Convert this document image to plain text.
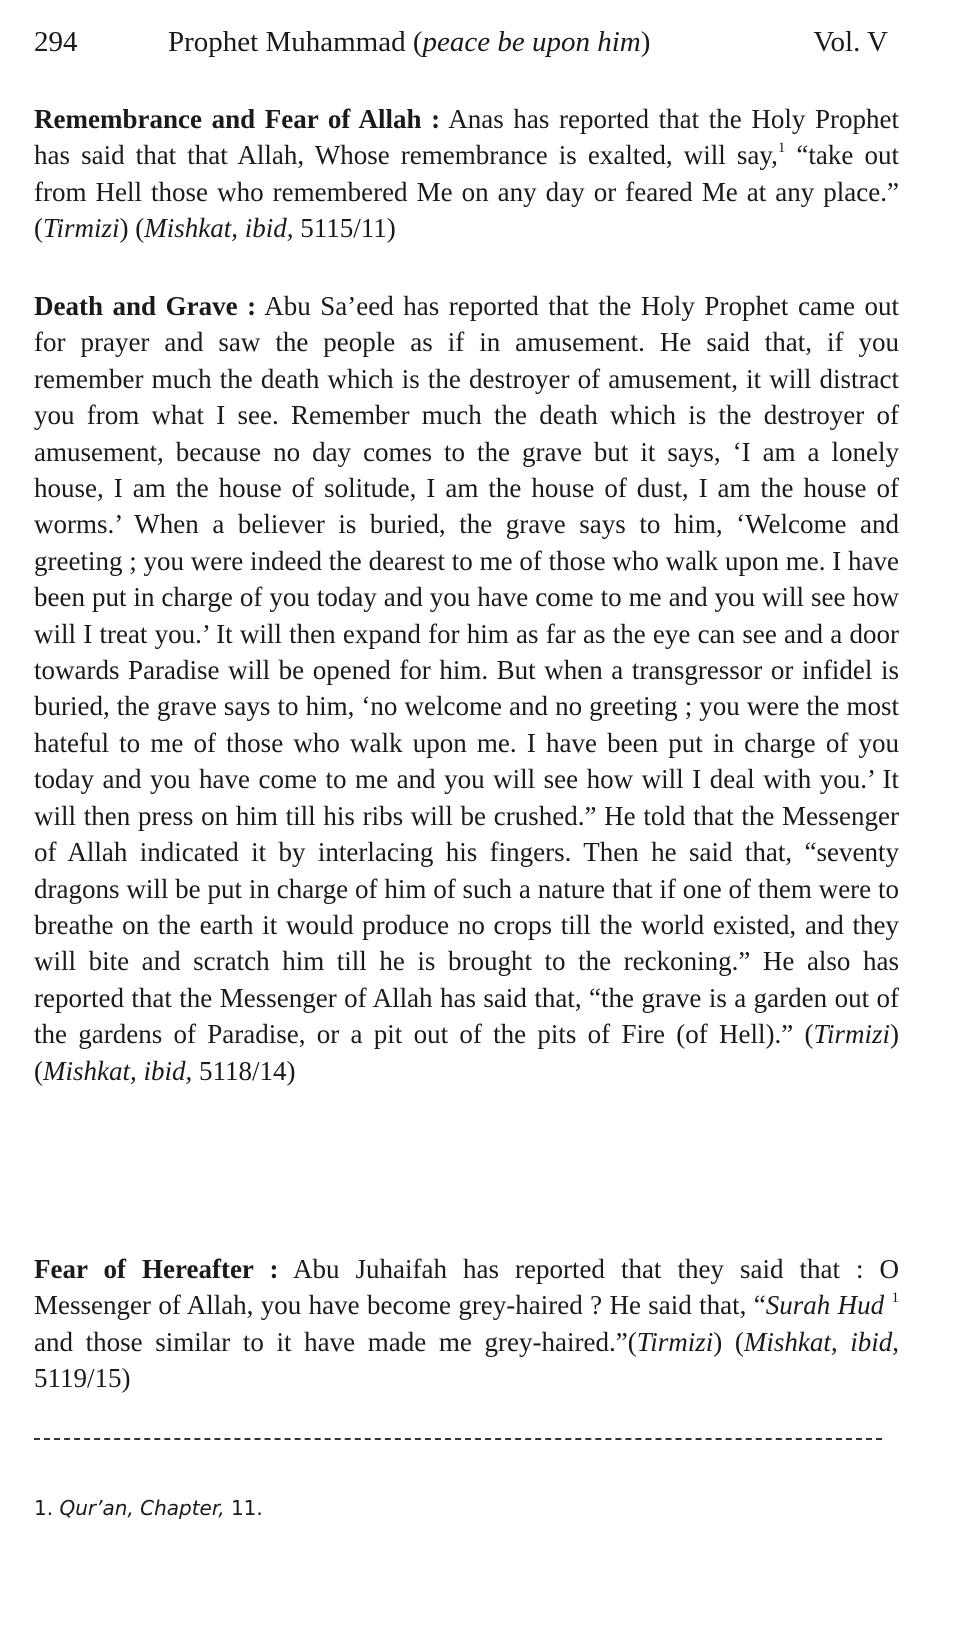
294	Prophet Muhammad (peace be upon him)	Vol. V

Remembrance and Fear of Allah : Anas has reported that the Holy Prophet has said that that Allah, Whose remembrance is exalted, will say,$^1$ “take out from Hell those who remembered Me on any day or feared Me at any place.” (Tirmizi) (Mishkat, ibid, 5115/11)

Death and Grave : Abu Sa’eed has reported that the Holy Prophet came out for prayer and saw the people as if in amusement. He said that, if you remember much the death which is the destroyer of amusement, it will distract you from what I see. Remember much the death which is the destroyer of amusement, because no day comes to the grave but it says, ‘I am a lonely house, I am the house of solitude, I am the house of dust, I am the house of worms.’ When a believer is buried, the grave says to him, ‘Welcome and greeting ; you were indeed the dearest to me of those who walk upon me. I have been put in charge of you today and you have come to me and you will see how will I treat you.’ It will then expand for him as far as the eye can see and a door towards Paradise will be opened for him. But when a transgressor or infidel is buried, the grave says to him, ‘no welcome and no greeting ; you were the most hateful to me of those who walk upon me. I have been put in charge of you today and you have come to me and you will see how will I deal with you.’ It will then press on him till his ribs will be crushed.” He told that the Messenger of Allah indicated it by interlacing his fingers. Then he said that, “seventy dragons will be put in charge of him of such a nature that if one of them were to breathe on the earth it would produce no crops till the world existed, and they will bite and scratch him till he is brought to the reckoning.” He also has reported that the Messenger of Allah has said that, “the grave is a garden out of the gardens of Paradise, or a pit out of the pits of Fire (of Hell).” (Tirmizi) (Mishkat, ibid, 5118/14)

Fear of Hereafter : Abu Juhaifah has reported that they said that : O Messenger of Allah, you have become grey-haired ? He said that, “Surah Hud $^1$ and those similar to it have made me grey-haired.”(Tirmizi) (Mishkat, ibid, 5119/15)

1. Qur’an, Chapter, 11.
